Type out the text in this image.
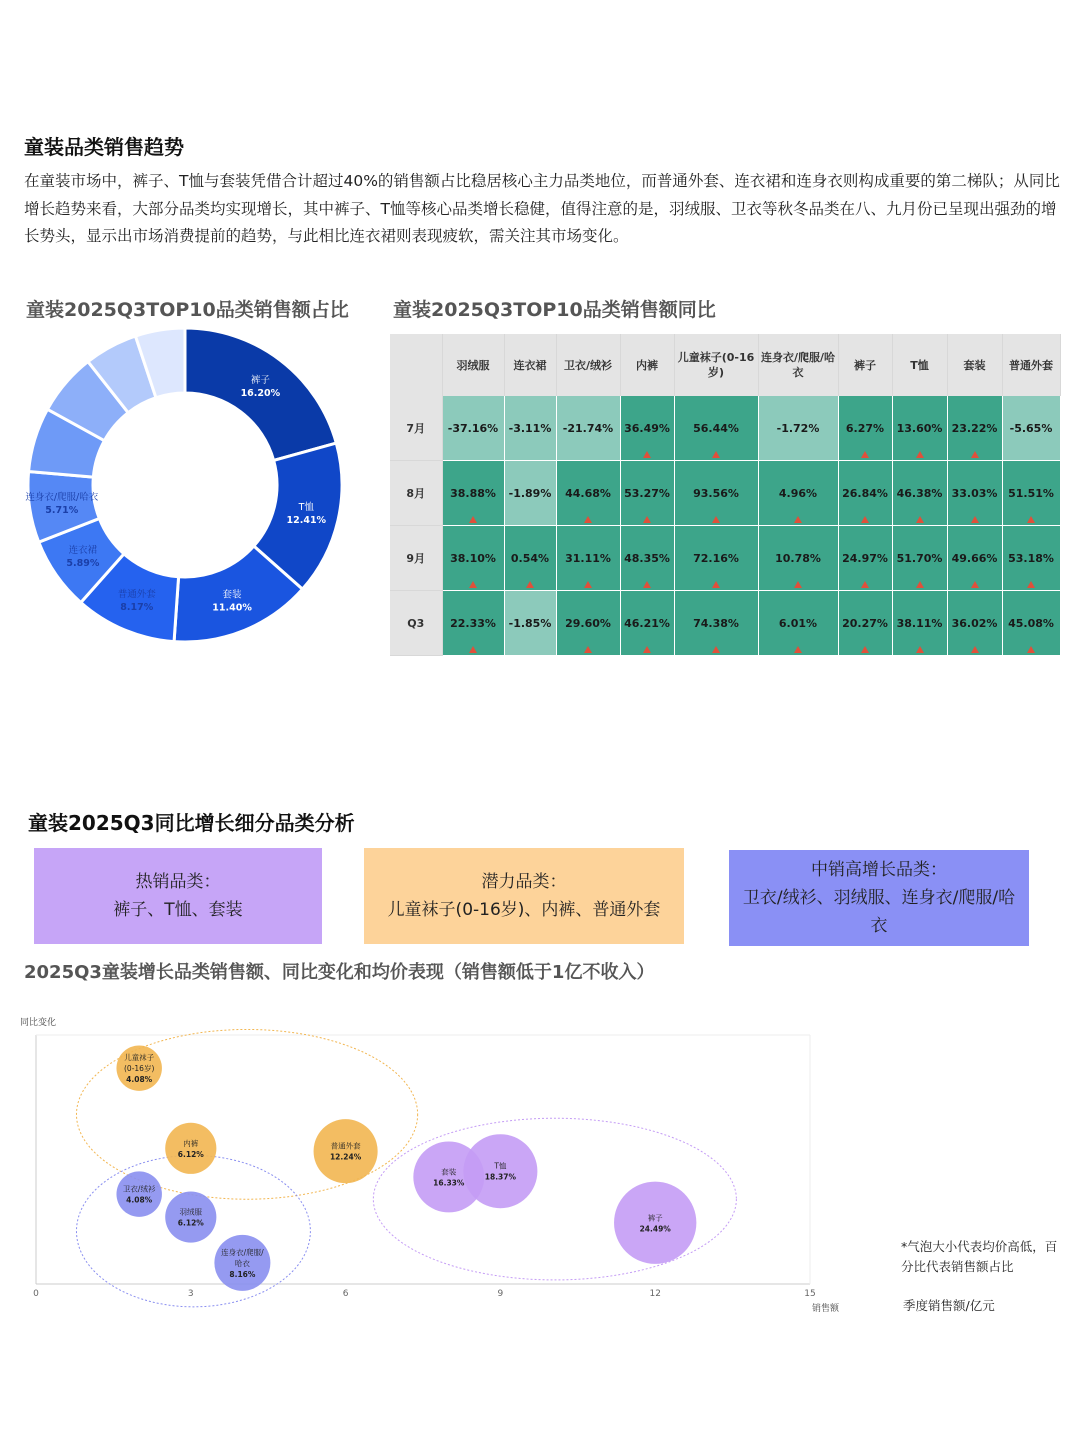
童装品类销售趋势
在童装市场中，裤子、T恤与套装凭借合计超过40%的销售额占比稳居核心主力品类地位，而普通外套、连衣裙和连身衣则构成重要的第二梯队；从同比增长趋势来看，大部分品类均实现增长，其中裤子、T恤等核心品类增长稳健，值得注意的是，羽绒服、卫衣等秋冬品类在八、九月份已呈现出强劲的增长势头，显示出市场消费提前的趋势，与此相比连衣裙则表现疲软，需关注其市场变化。
童装2025Q3TOP10品类销售额占比
裤子
16.20%
T恤
12.41%
套装
11.40%
普通外套
8.17%
连衣裙
5.89%
连身衣/爬服/哈衣
5.71%
童装2025Q3TOP10品类销售额同比
	羽绒服	连衣裙	卫衣/绒衫	内裤	儿童袜子(0-16岁)	连身衣/爬服/哈衣	裤子	T恤	套装	普通外套
7月	-37.16%	-3.11%	-21.74%	36.49%	56.44%	-1.72%	6.27%	13.60%	23.22%	-5.65%
8月	38.88%	-1.89%	44.68%	53.27%	93.56%	4.96%	26.84%	46.38%	33.03%	51.51%

9月	38.10%	0.54%	31.11%	48.35%	72.16%	10.78%	24.97%	51.70%	49.66%	53.18%

Q3	22.33%	-1.85%	29.60%	46.21%	74.38%	6.01%	20.27%	38.11%	36.02%	45.08%
童装2025Q3同比增长细分品类分析
热销品类：
裤子、T恤、套装
潜力品类：
儿童袜子(0-16岁)、内裤、普通外套
中销高增长品类：
卫衣/绒衫、羽绒服、连身衣/爬服/哈衣
2025Q3童装增长品类销售额、同比变化和均价表现（销售额低于1亿不收入）
同比变化
销售额
0	3	6	9	12	15
儿童袜子
(0-16岁)
4.08%
内裤
6.12%
普通外套
12.24%
卫衣/绒衫
4.08%
羽绒服
6.12%
连身衣/爬服/
哈衣
8.16%
套装
16.33%
T恤
18.37%
裤子
24.49%
*气泡大小代表均价高低，百分比代表销售额占比
季度销售额/亿元
